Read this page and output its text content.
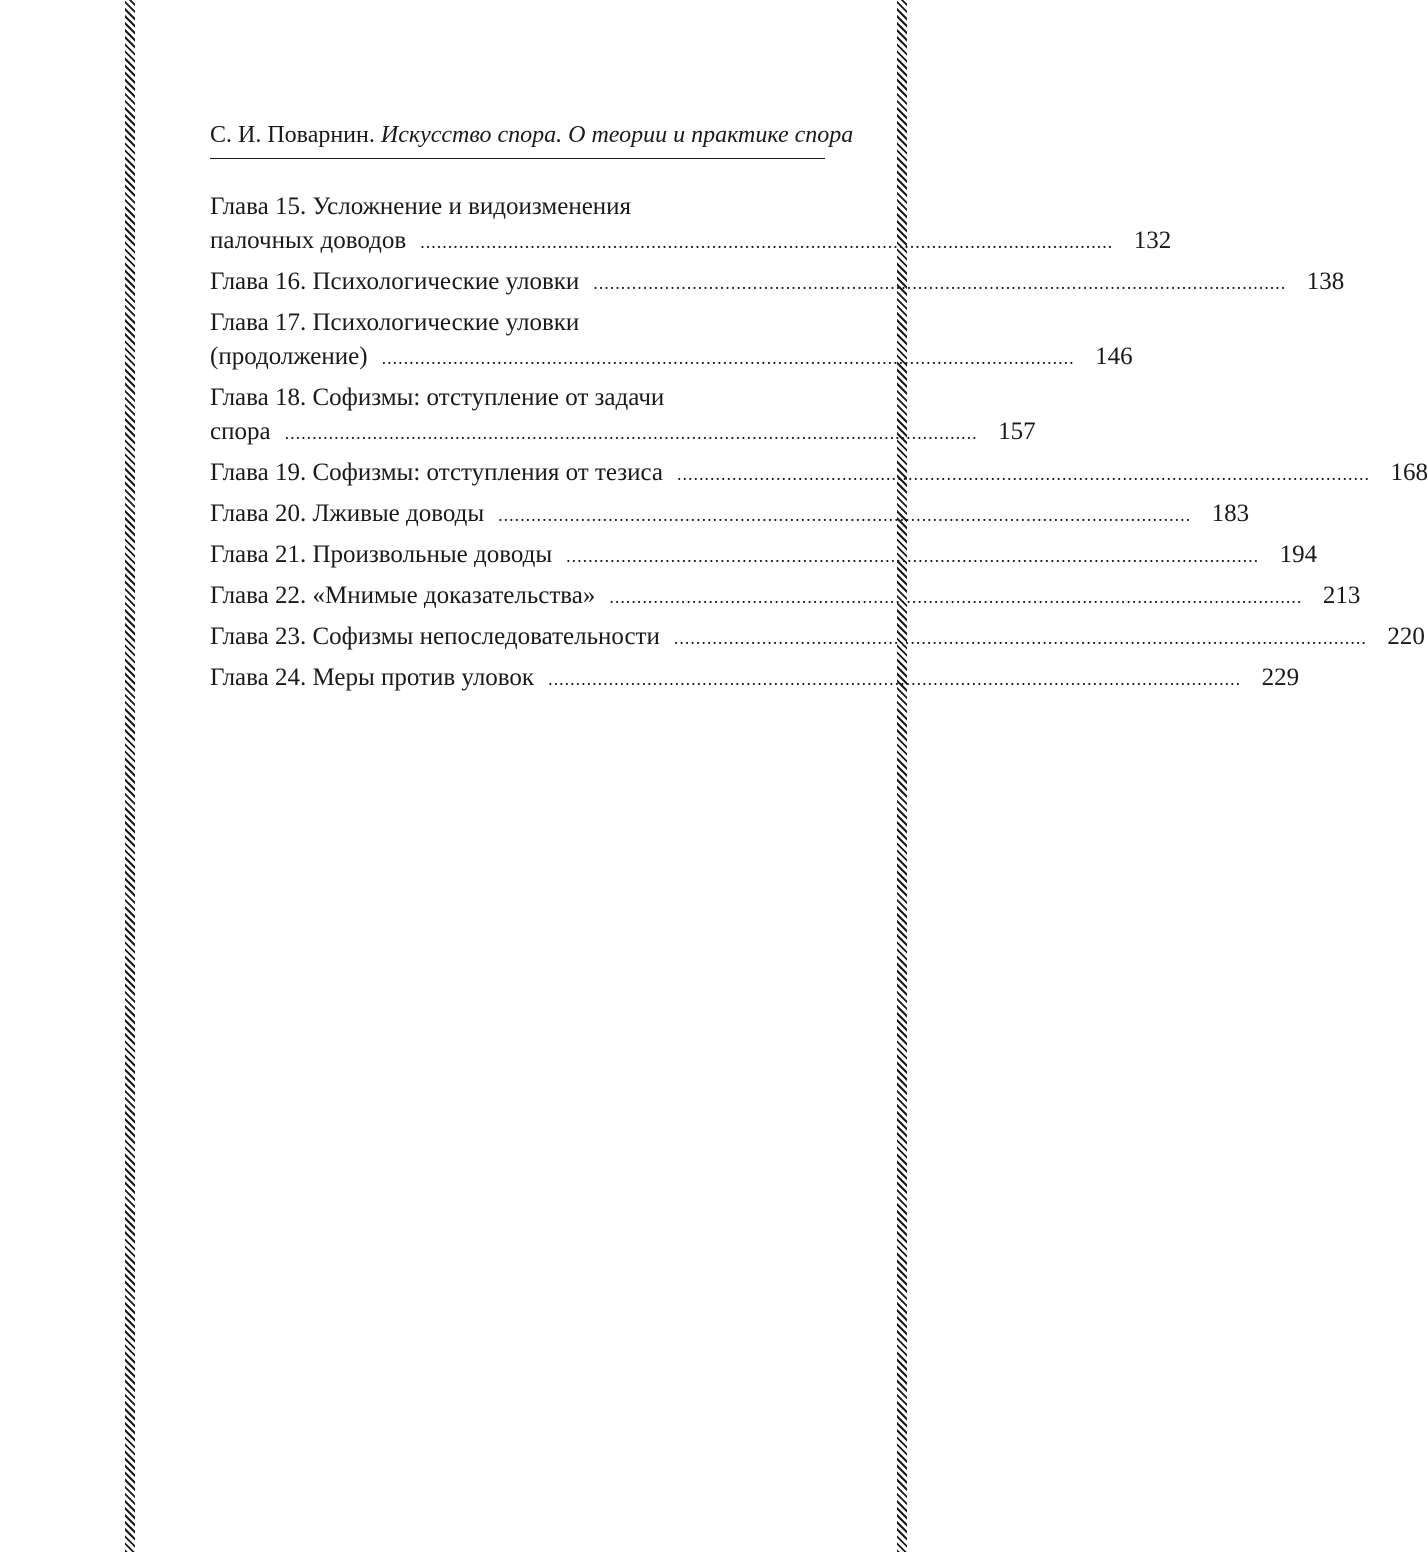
С. И. Поварнин. Искусство спора. О теории и практике спора
Глава 15. Усложнение и видоизменения
палочных доводов .............................................................................................................................. 132
Глава 16. Психологические уловки .............................................................................................................................. 138
Глава 17. Психологические уловки
(продолжение) .............................................................................................................................. 146
Глава 18. Софизмы: отступление от задачи
спора .............................................................................................................................. 157
Глава 19. Софизмы: отступления от тезиса .............................................................................................................................. 168
Глава 20. Лживые доводы .............................................................................................................................. 183
Глава 21. Произвольные доводы .............................................................................................................................. 194
Глава 22. «Мнимые доказательства» .............................................................................................................................. 213
Глава 23. Софизмы непоследовательности .............................................................................................................................. 220
Глава 24. Меры против уловок .............................................................................................................................. 229
